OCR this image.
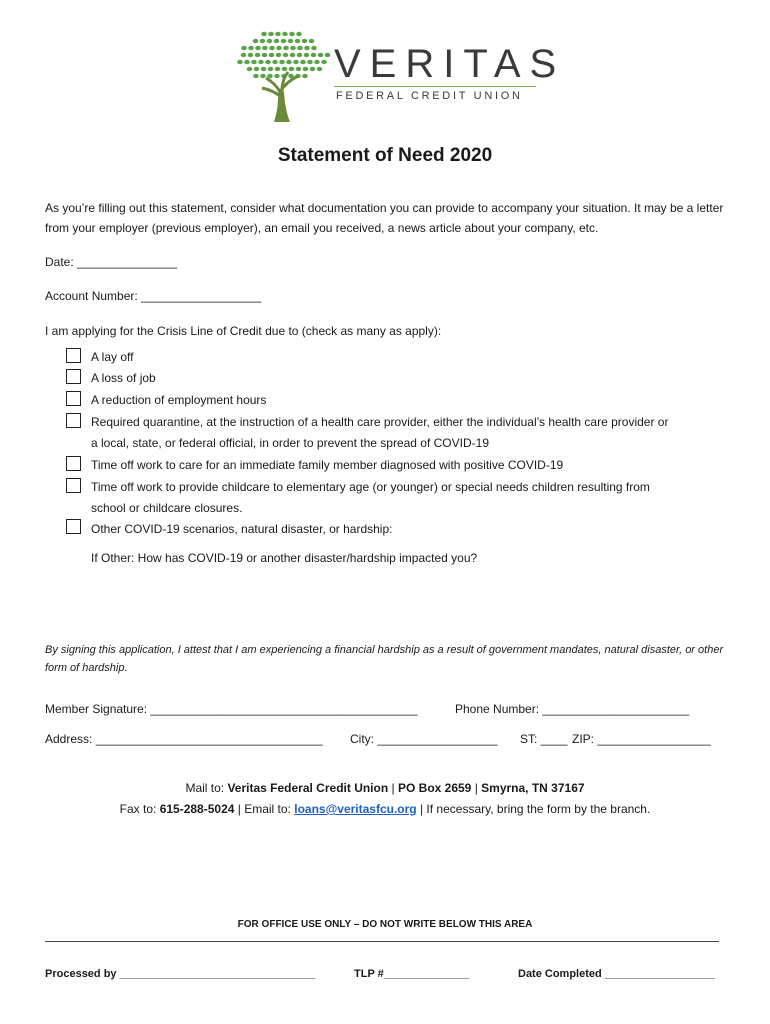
VERITAS
FEDERAL CREDIT UNION
Statement of Need 2020
As you’re filling out this statement, consider what documentation you can provide to accompany your situation. It may be a letter from your employer (previous employer), an email you received, a news article about your company, etc.
Date: _______________
Account Number: __________________
I am applying for the Crisis Line of Credit due to (check as many as apply):
A lay off
A loss of job
A reduction of employment hours
Required quarantine, at the instruction of a health care provider, either the individual’s health care provider or
a local, state, or federal official, in order to prevent the spread of COVID-19
Time off work to care for an immediate family member diagnosed with positive COVID-19
Time off work to provide childcare to elementary age (or younger) or special needs children resulting from
school or childcare closures.
Other COVID-19 scenarios, natural disaster, or hardship:
If Other: How has COVID-19 or another disaster/hardship impacted you?
By signing this application, I attest that I am experiencing a financial hardship as a result of government mandates, natural disaster, or other form of hardship.
Member Signature: ________________________________________	Phone Number: ______________________
Address: __________________________________ City: __________________ ST: ____ ZIP: _________________
Mail to: Veritas Federal Credit Union | PO Box 2659 | Smyrna, TN 37167
Fax to: 615-288-5024 | Email to: loans@veritasfcu.org | If necessary, bring the form by the branch.
FOR OFFICE USE ONLY – DO NOT WRITE BELOW THIS AREA
Processed by ________________________________	TLP #______________	Date Completed __________________
